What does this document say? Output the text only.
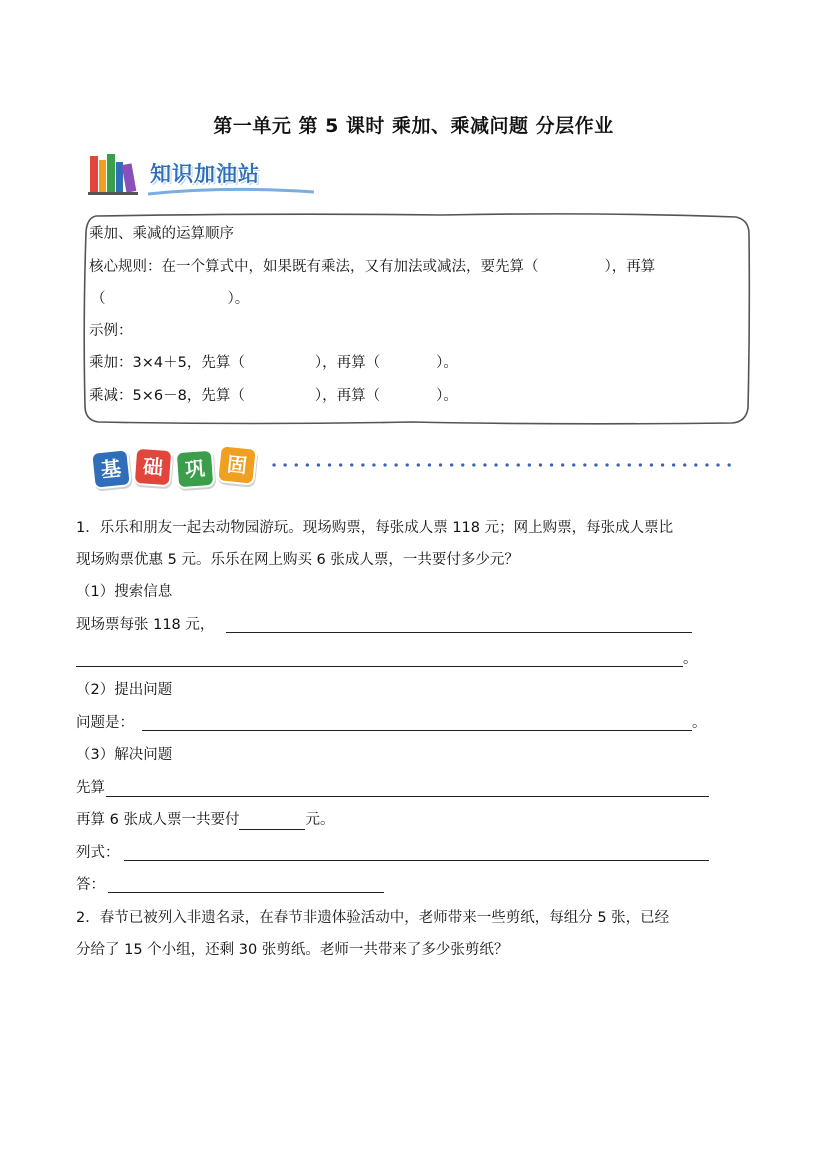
第一单元 第 5 课时 乘加、乘减问题 分层作业
知识加油站
乘加、乘减的运算顺序
核心规则：在一个算式中，如果既有乘法，又有加法或减法，要先算（	），再算
（	）。
示例：
乘加：3×4＋5，先算（	），再算（	）。
乘减：5×6－8，先算（	），再算（	）。
基 础	巩 固
1．乐乐和朋友一起去动物园游玩。现场购票，每张成人票 118 元；网上购票，每张成人票比
现场购票优惠 5 元。乐乐在网上购买 6 张成人票，一共要付多少元？
（1）搜索信息
现场票每张 118 元，
。
（2）提出问题
问题是：	。
（3）解决问题
先算
再算 6 张成人票一共要付	元。
列式：
答：
2．春节已被列入非遗名录，在春节非遗体验活动中，老师带来一些剪纸，每组分 5 张，已经
分给了 15 个小组，还剩 30 张剪纸。老师一共带来了多少张剪纸？
